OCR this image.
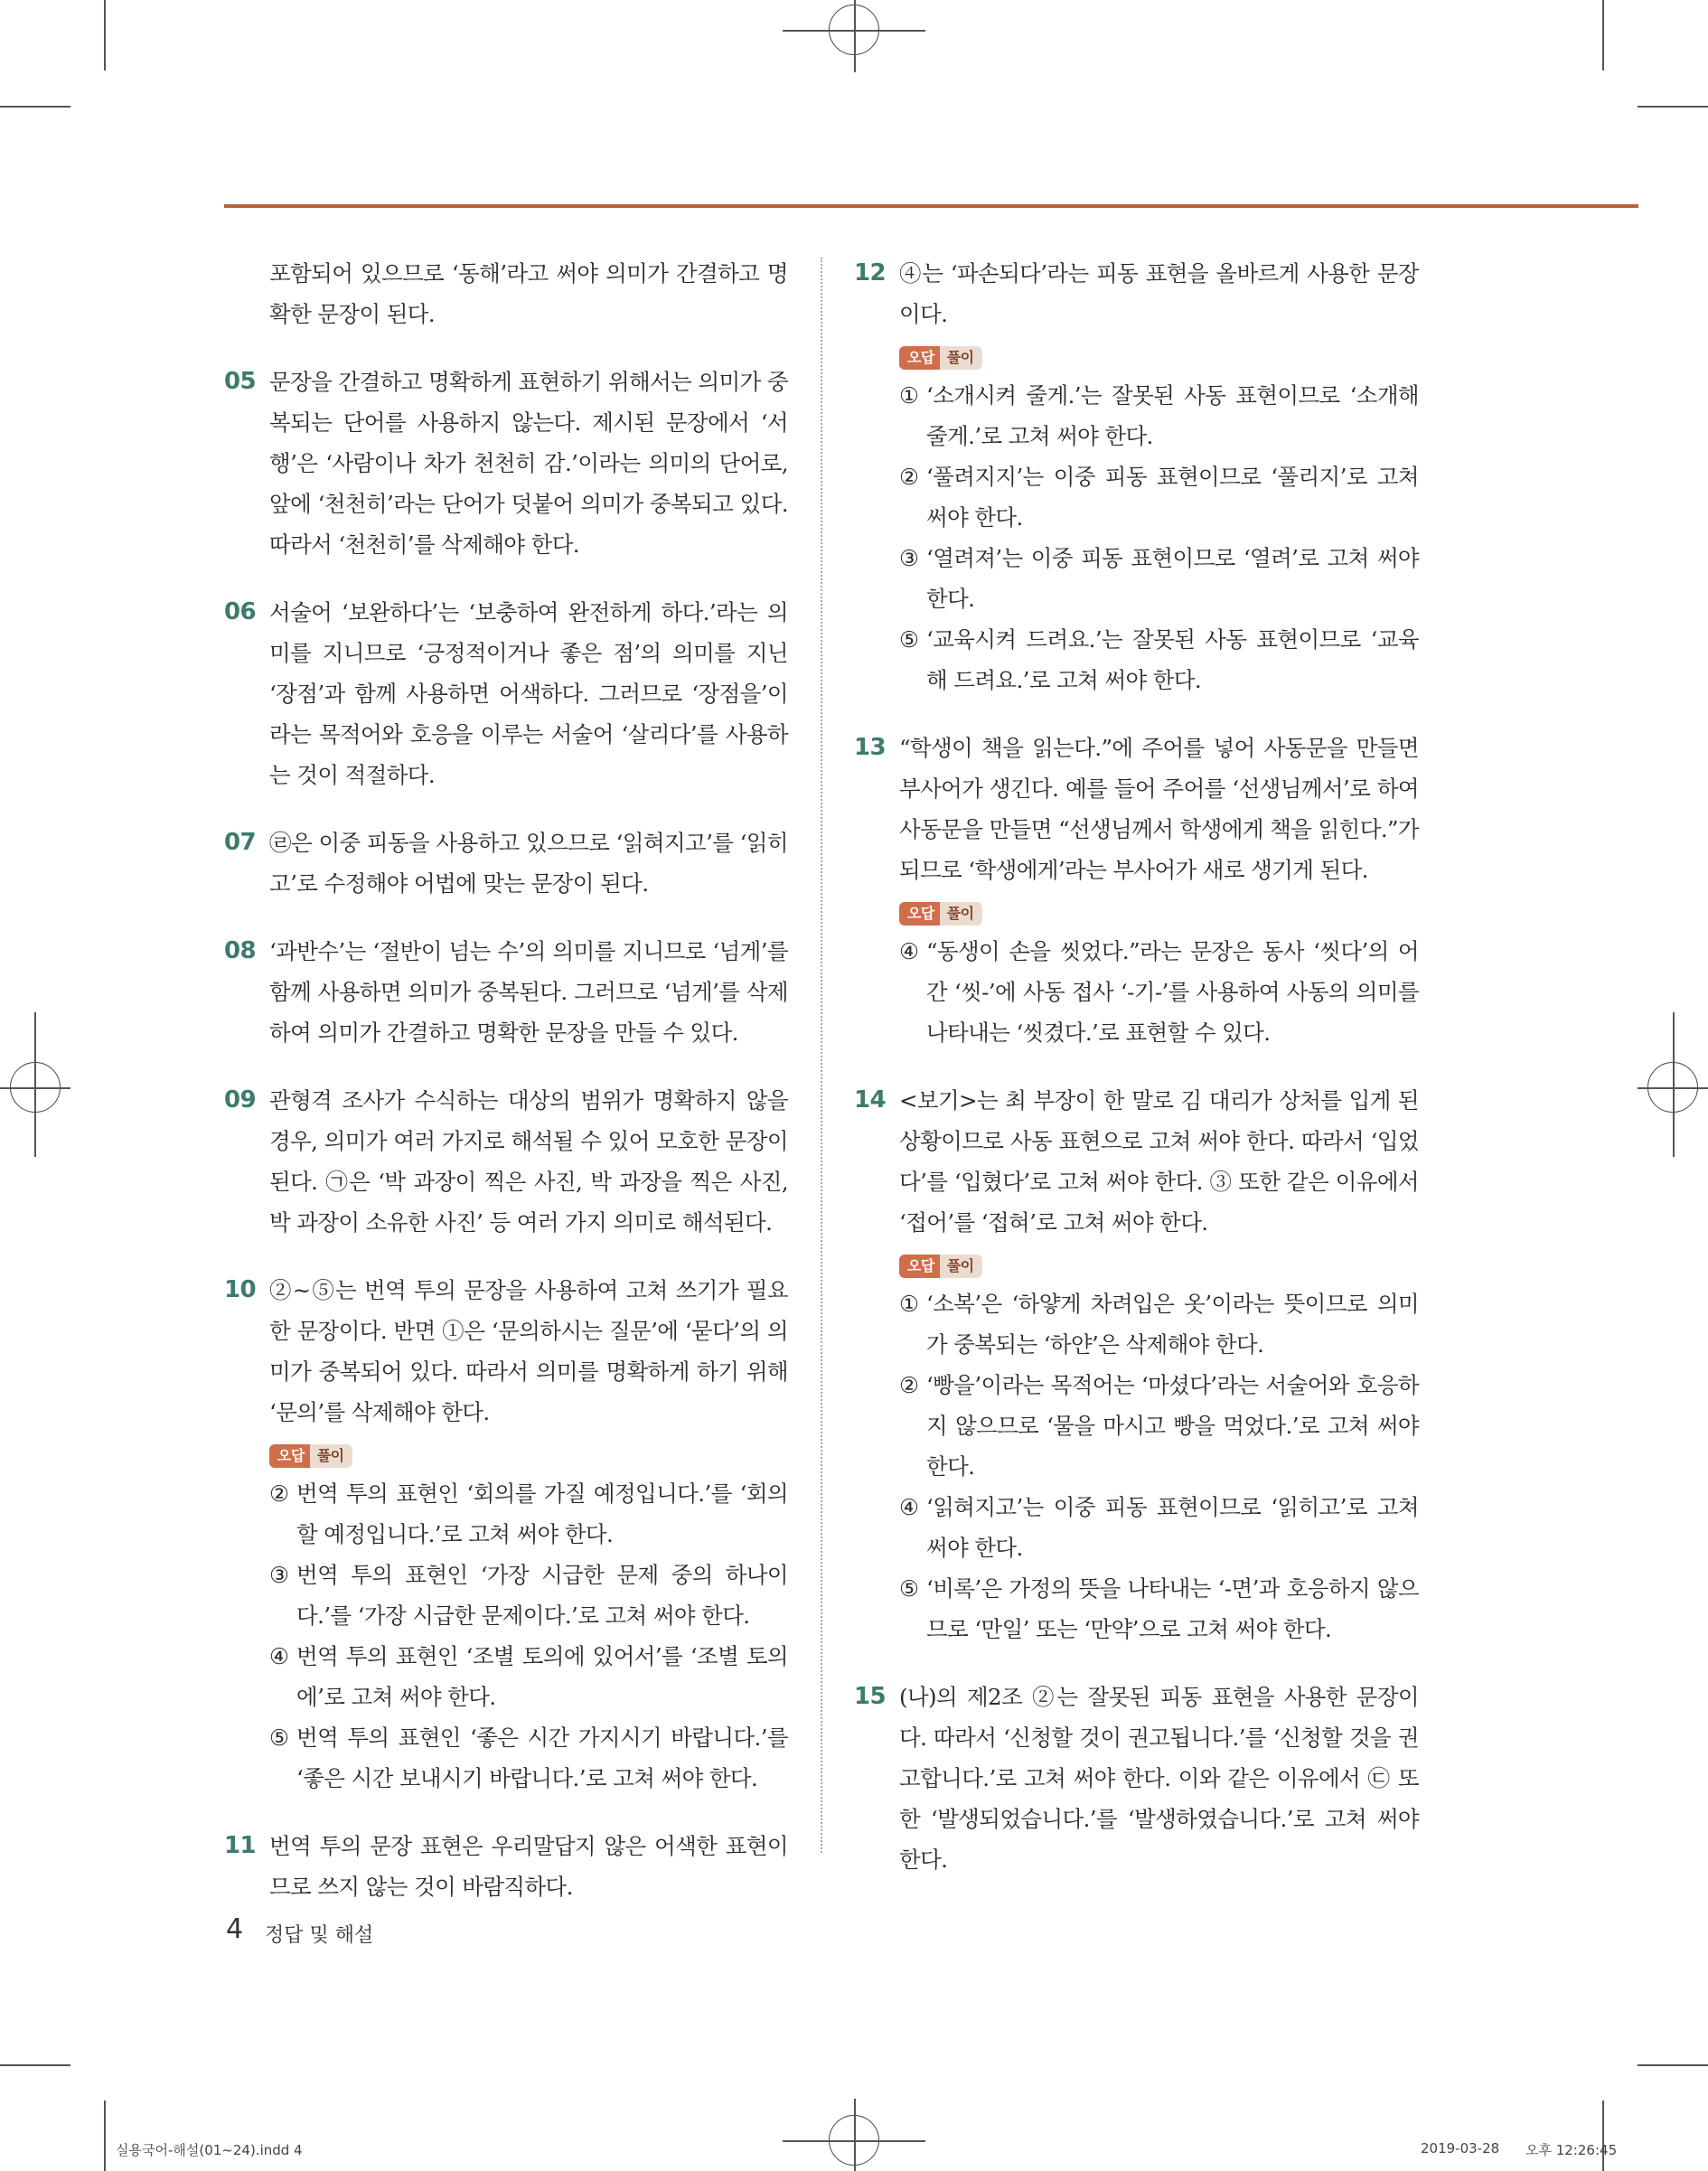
포함되어 있으므로 ‘동해’라고 써야 의미가 간결하고 명확한 문장이 된다.
05 문장을 간결하고 명확하게 표현하기 위해서는 의미가 중복되는 단어를 사용하지 않는다. 제시된 문장에서 ‘서행’은 ‘사람이나 차가 천천히 감.’이라는 의미의 단어로, 앞에 ‘천천히’라는 단어가 덧붙어 의미가 중복되고 있다. 따라서 ‘천천히’를 삭제해야 한다.
06 서술어 ‘보완하다’는 ‘보충하여 완전하게 하다.’라는 의미를 지니므로 ‘긍정적이거나 좋은 점’의 의미를 지닌 ‘장점’과 함께 사용하면 어색하다. 그러므로 ‘장점을’이라는 목적어와 호응을 이루는 서술어 ‘살리다’를 사용하는 것이 적절하다.
07 ㉣은 이중 피동을 사용하고 있으므로 ‘읽혀지고’를 ‘읽히고’로 수정해야 어법에 맞는 문장이 된다.
08 ‘과반수’는 ‘절반이 넘는 수’의 의미를 지니므로 ‘넘게’를 함께 사용하면 의미가 중복된다. 그러므로 ‘넘게’를 삭제하여 의미가 간결하고 명확한 문장을 만들 수 있다.
09 관형격 조사가 수식하는 대상의 범위가 명확하지 않을 경우, 의미가 여러 가지로 해석될 수 있어 모호한 문장이 된다. ㉠은 ‘박 과장이 찍은 사진, 박 과장을 찍은 사진, 박 과장이 소유한 사진’ 등 여러 가지 의미로 해석된다.
10 ②~⑤는 번역 투의 문장을 사용하여 고쳐 쓰기가 필요한 문장이다. 반면 ①은 ‘문의하시는 질문’에 ‘묻다’의 의미가 중복되어 있다. 따라서 의미를 명확하게 하기 위해 ‘문의’를 삭제해야 한다.
오답 풀이
② 번역 투의 표현인 ‘회의를 가질 예정입니다.’를 ‘회의할 예정입니다.’로 고쳐 써야 한다.
③ 번역 투의 표현인 ‘가장 시급한 문제 중의 하나이다.’를 ‘가장 시급한 문제이다.’로 고쳐 써야 한다.
④ 번역 투의 표현인 ‘조별 토의에 있어서’를 ‘조별 토의에’로 고쳐 써야 한다.
⑤ 번역 투의 표현인 ‘좋은 시간 가지시기 바랍니다.’를 ‘좋은 시간 보내시기 바랍니다.’로 고쳐 써야 한다.
11 번역 투의 문장 표현은 우리말답지 않은 어색한 표현이므로 쓰지 않는 것이 바람직하다.
12 ④는 ‘파손되다’라는 피동 표현을 올바르게 사용한 문장이다.
오답 풀이
① ‘소개시켜 줄게.’는 잘못된 사동 표현이므로 ‘소개해 줄게.’로 고쳐 써야 한다.
② ‘풀려지지’는 이중 피동 표현이므로 ‘풀리지’로 고쳐 써야 한다.
③ ‘열려져’는 이중 피동 표현이므로 ‘열려’로 고쳐 써야 한다.
⑤ ‘교육시켜 드려요.’는 잘못된 사동 표현이므로 ‘교육해 드려요.’로 고쳐 써야 한다.
13 “학생이 책을 읽는다.”에 주어를 넣어 사동문을 만들면 부사어가 생긴다. 예를 들어 주어를 ‘선생님께서’로 하여 사동문을 만들면 “선생님께서 학생에게 책을 읽힌다.”가 되므로 ‘학생에게’라는 부사어가 새로 생기게 된다.
오답 풀이
④ “동생이 손을 씻었다.”라는 문장은 동사 ‘씻다’의 어간 ‘씻-’에 사동 접사 ‘-기-’를 사용하여 사동의 의미를 나타내는 ‘씻겼다.’로 표현할 수 있다.
14 <보기>는 최 부장이 한 말로 김 대리가 상처를 입게 된 상황이므로 사동 표현으로 고쳐 써야 한다. 따라서 ‘입었다’를 ‘입혔다’로 고쳐 써야 한다. ③ 또한 같은 이유에서 ‘접어’를 ‘접혀’로 고쳐 써야 한다.
오답 풀이
① ‘소복’은 ‘하얗게 차려입은 옷’이라는 뜻이므로 의미가 중복되는 ‘하얀’은 삭제해야 한다.
② ‘빵을’이라는 목적어는 ‘마셨다’라는 서술어와 호응하지 않으므로 ‘물을 마시고 빵을 먹었다.’로 고쳐 써야 한다.
④ ‘읽혀지고’는 이중 피동 표현이므로 ‘읽히고’로 고쳐 써야 한다.
⑤ ‘비록’은 가정의 뜻을 나타내는 ‘-면’과 호응하지 않으므로 ‘만일’ 또는 ‘만약’으로 고쳐 써야 한다.
15 (나)의 제2조 ②는 잘못된 피동 표현을 사용한 문장이다. 따라서 ‘신청할 것이 권고됩니다.’를 ‘신청할 것을 권고합니다.’로 고쳐 써야 한다. 이와 같은 이유에서 ㉢ 또한 ‘발생되었습니다.’를 ‘발생하였습니다.’로 고쳐 써야 한다.
4 정답 및 해설
실용국어-해설(01~24).indd 4	2019-03-28 오후 12:26:45
